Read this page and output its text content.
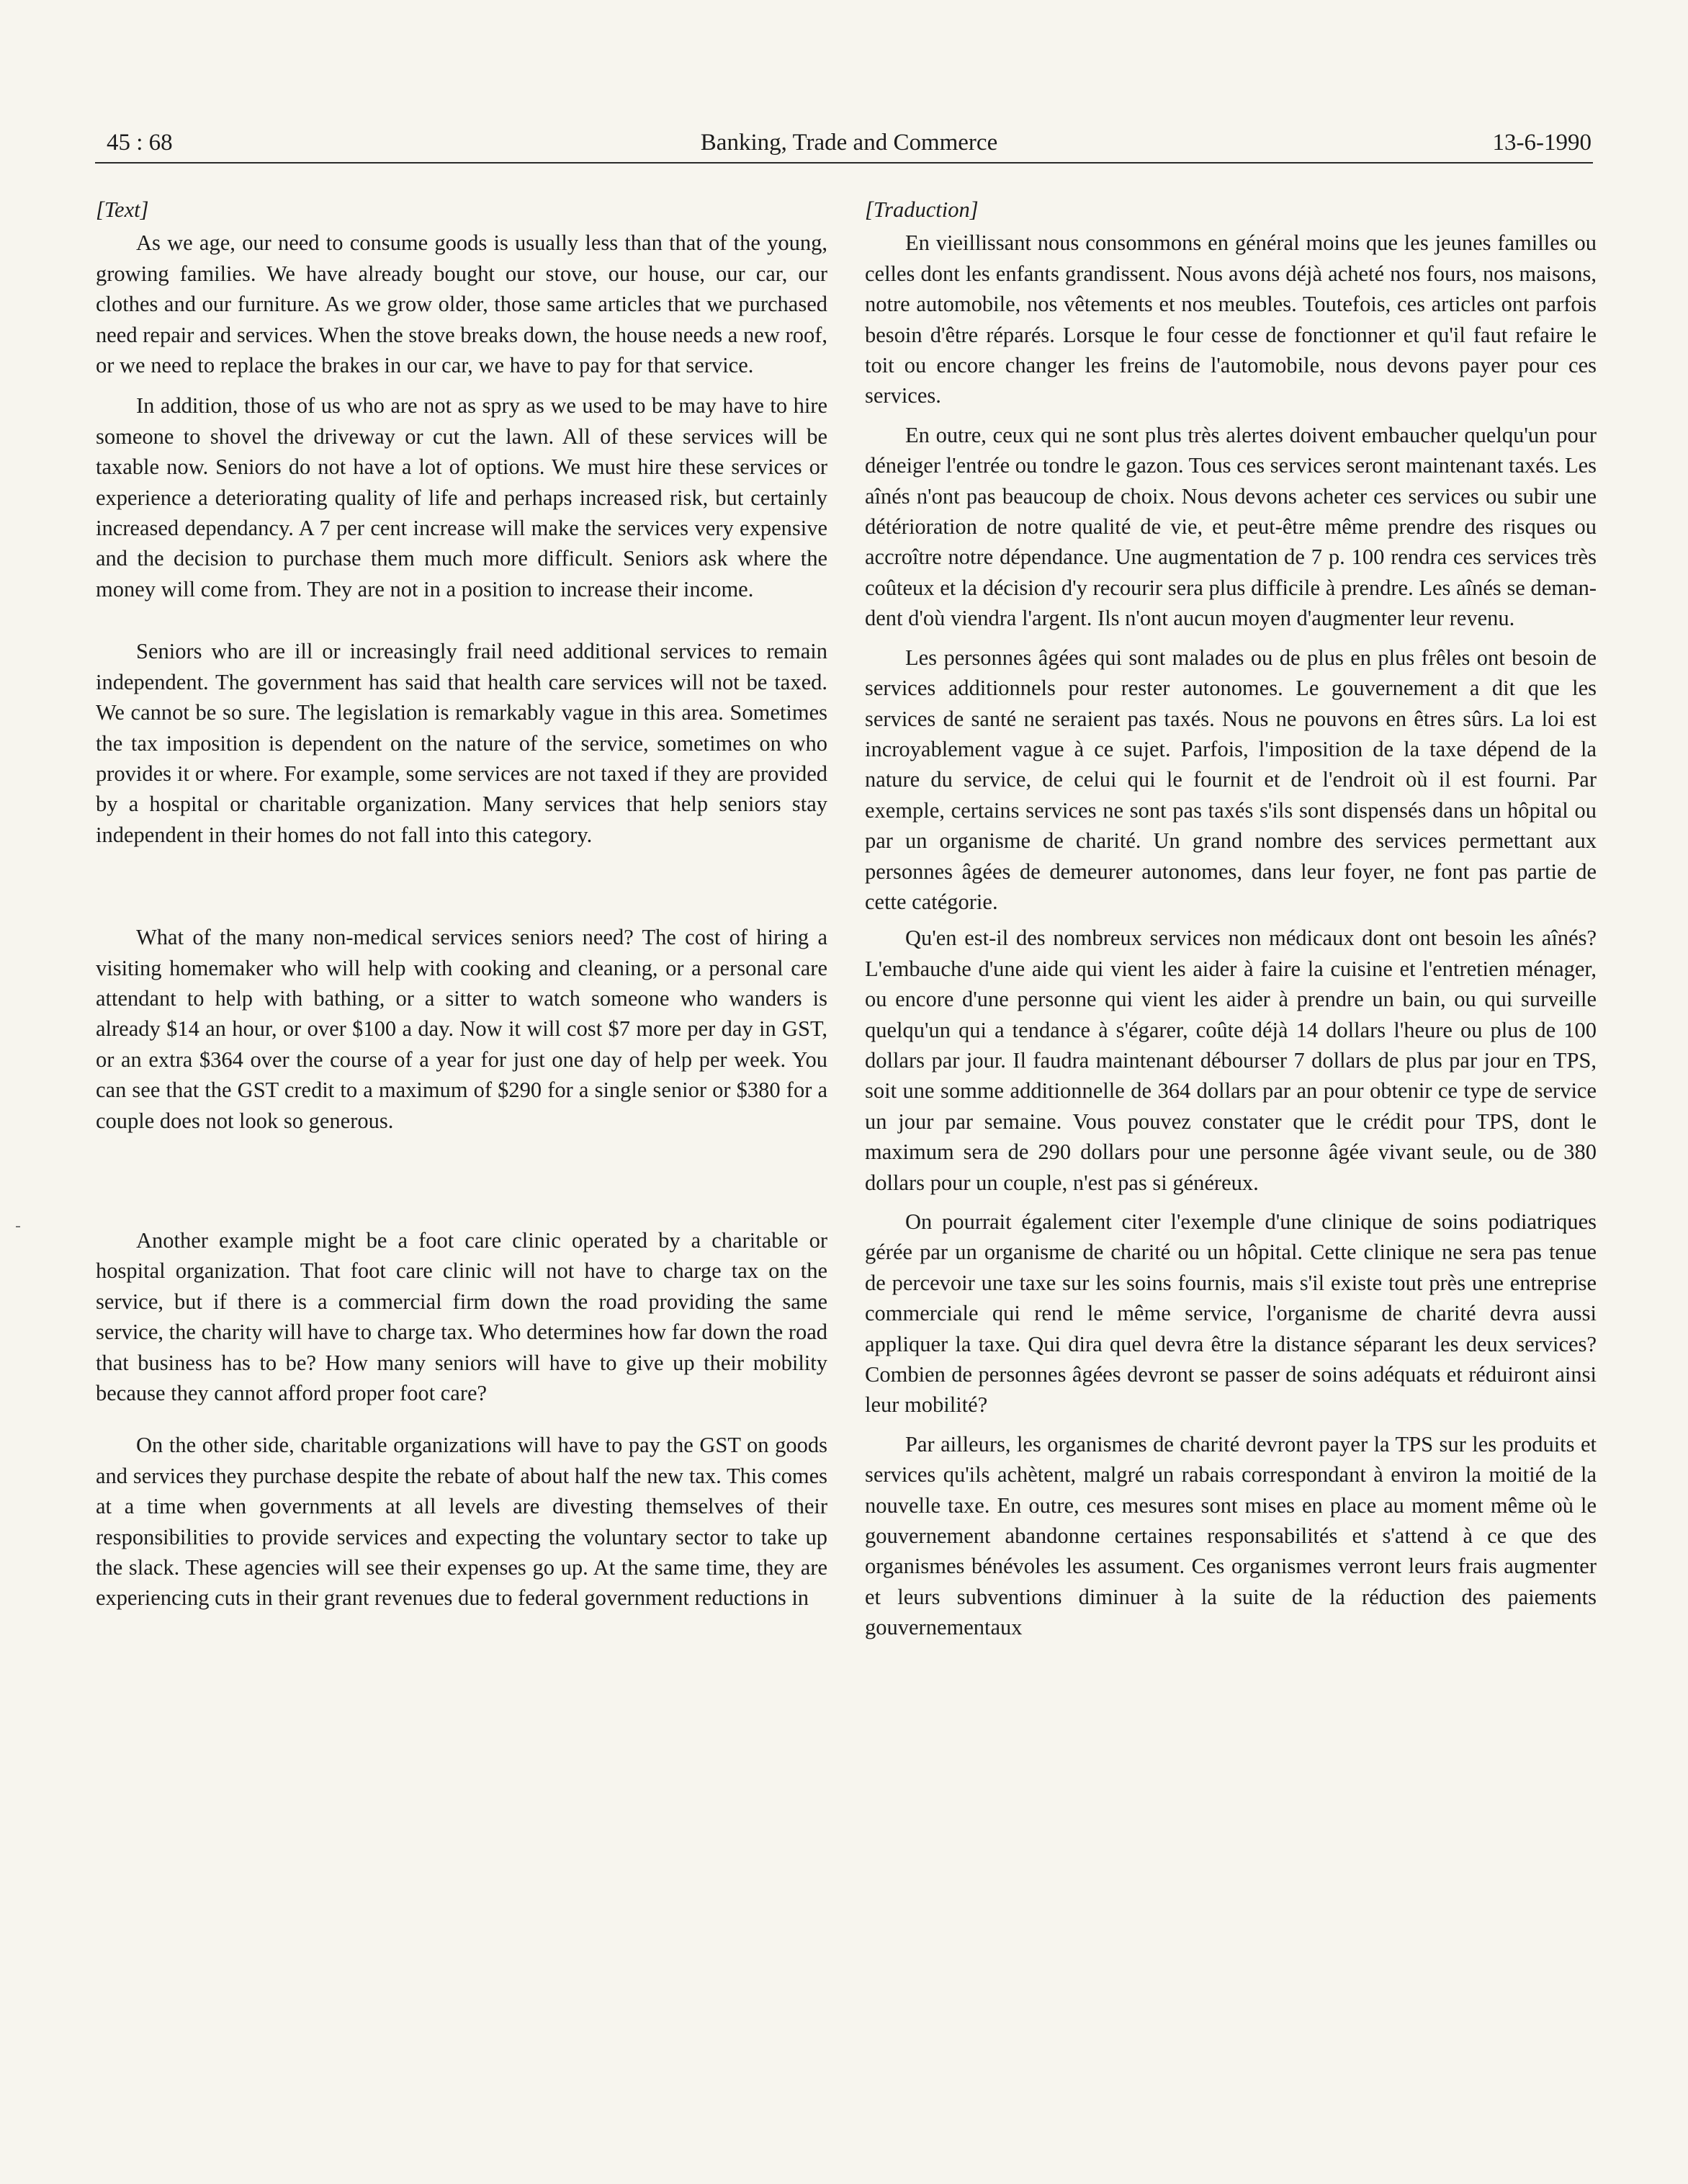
45 : 68	Banking, Trade and Commerce	13-6-1990

[Text]

As we age, our need to consume goods is usually less than that of the young, growing families. We have already bought our stove, our house, our car, our clothes and our furniture. As we grow older, those same articles that we purchased need repair and services. When the stove breaks down, the house needs a new roof, or we need to replace the brakes in our car, we have to pay for that service.

In addition, those of us who are not as spry as we used to be may have to hire someone to shovel the driveway or cut the lawn. All of these services will be taxable now. Seniors do not have a lot of options. We must hire these services or experience a deteriorating quality of life and perhaps increased risk, but certainly increased dependancy. A 7 per cent increase will make the services very expensive and the decision to purchase them much more difficult. Seniors ask where the money will come from. They are not in a position to increase their income.

Seniors who are ill or increasingly frail need additional services to remain independent. The government has said that health care services will not be taxed. We cannot be so sure. The legislation is remarkably vague in this area. Sometimes the tax imposition is dependent on the nature of the service, sometimes on who provides it or where. For example, some services are not taxed if they are provided by a hospital or charitable organization. Many services that help seniors stay independent in their homes do not fall into this category.

What of the many non-medical services seniors need? The cost of hiring a visiting homemaker who will help with cooking and cleaning, or a personal care attendant to help with bathing, or a sitter to watch someone who wanders is already $14 an hour, or over $100 a day. Now it will cost $7 more per day in GST, or an extra $364 over the course of a year for just one day of help per week. You can see that the GST credit to a maximum of $290 for a single senior or $380 for a couple does not look so generous.

Another example might be a foot care clinic operated by a charitable or hospital organization. That foot care clinic will not have to charge tax on the service, but if there is a commercial firm down the road providing the same service, the charity will have to charge tax. Who determines how far down the road that business has to be? How many seniors will have to give up their mobility because they cannot afford proper foot care?

On the other side, charitable organizations will have to pay the GST on goods and services they purchase despite the rebate of about half the new tax. This comes at a time when governments at all levels are divesting themselves of their responsibilities to provide services and expecting the voluntary sector to take up the slack. These agencies will see their expenses go up. At the same time, they are experiencing cuts in their grant revenues due to federal government reductions in

[Traduction]

En vieillissant nous consommons en général moins que les jeunes familles ou celles dont les enfants grandissent. Nous avons déjà acheté nos fours, nos maisons, notre automobile, nos vêtements et nos meubles. Toutefois, ces articles ont parfois besoin d'être réparés. Lorsque le four cesse de fonctionner et qu'il faut refaire le toit ou encore changer les freins de l'automobile, nous devons payer pour ces services.

En outre, ceux qui ne sont plus très alertes doivent embaucher quelqu'un pour déneiger l'entrée ou tondre le gazon. Tous ces services seront maintenant taxés. Les aînés n'ont pas beaucoup de choix. Nous devons acheter ces services ou subir une détérioration de notre qualité de vie, et peut-être même prendre des risques ou accroître notre dépendance. Une augmentation de 7 p. 100 rendra ces services très coûteux et la décision d'y recourir sera plus difficile à prendre. Les aînés se demandent d'où viendra l'argent. Ils n'ont aucun moyen d'augmenter leur revenu.

Les personnes âgées qui sont malades ou de plus en plus frêles ont besoin de services additionnels pour rester autonomes. Le gouvernement a dit que les services de santé ne seraient pas taxés. Nous ne pouvons en êtres sûrs. La loi est incroyablement vague à ce sujet. Parfois, l'imposition de la taxe dépend de la nature du service, de celui qui le fournit et de l'endroit où il est fourni. Par exemple, certains services ne sont pas taxés s'ils sont dispensés dans un hôpital ou par un organisme de charité. Un grand nombre des services permettant aux personnes âgées de demeurer autonomes, dans leur foyer, ne font pas partie de cette catégorie.

Qu'en est-il des nombreux services non médicaux dont ont besoin les aînés? L'embauche d'une aide qui vient les aider à faire la cuisine et l'entretien ménager, ou encore d'une personne qui vient les aider à prendre un bain, ou qui surveille quelqu'un qui a tendance à s'égarer, coûte déjà 14 dollars l'heure ou plus de 100 dollars par jour. Il faudra maintenant débourser 7 dollars de plus par jour en TPS, soit une somme additionnelle de 364 dollars par an pour obtenir ce type de service un jour par semaine. Vous pouvez constater que le crédit pour TPS, dont le maximum sera de 290 dollars pour une personne âgée vivant seule, ou de 380 dollars pour un couple, n'est pas si généreux.

On pourrait également citer l'exemple d'une clinique de soins podiatriques gérée par un organisme de charité ou un hôpital. Cette clinique ne sera pas tenue de percevoir une taxe sur les soins fournis, mais s'il existe tout près une entreprise commerciale qui rend le même service, l'organisme de charité devra aussi appliquer la taxe. Qui dira quel devra être la distance séparant les deux services? Combien de personnes âgées devront se passer de soins adéquats et réduiront ainsi leur mobilité?

Par ailleurs, les organismes de charité devront payer la TPS sur les produits et services qu'ils achètent, malgré un rabais correspondant à environ la moitié de la nouvelle taxe. En outre, ces mesures sont mises en place au moment même où le gouvernement abandonne certaines responsabilités et s'attend à ce que des organismes bénévoles les assument. Ces organismes verront leurs frais augmenter et leurs subventions diminuer à la suite de la réduction des paiements gouvernementaux
